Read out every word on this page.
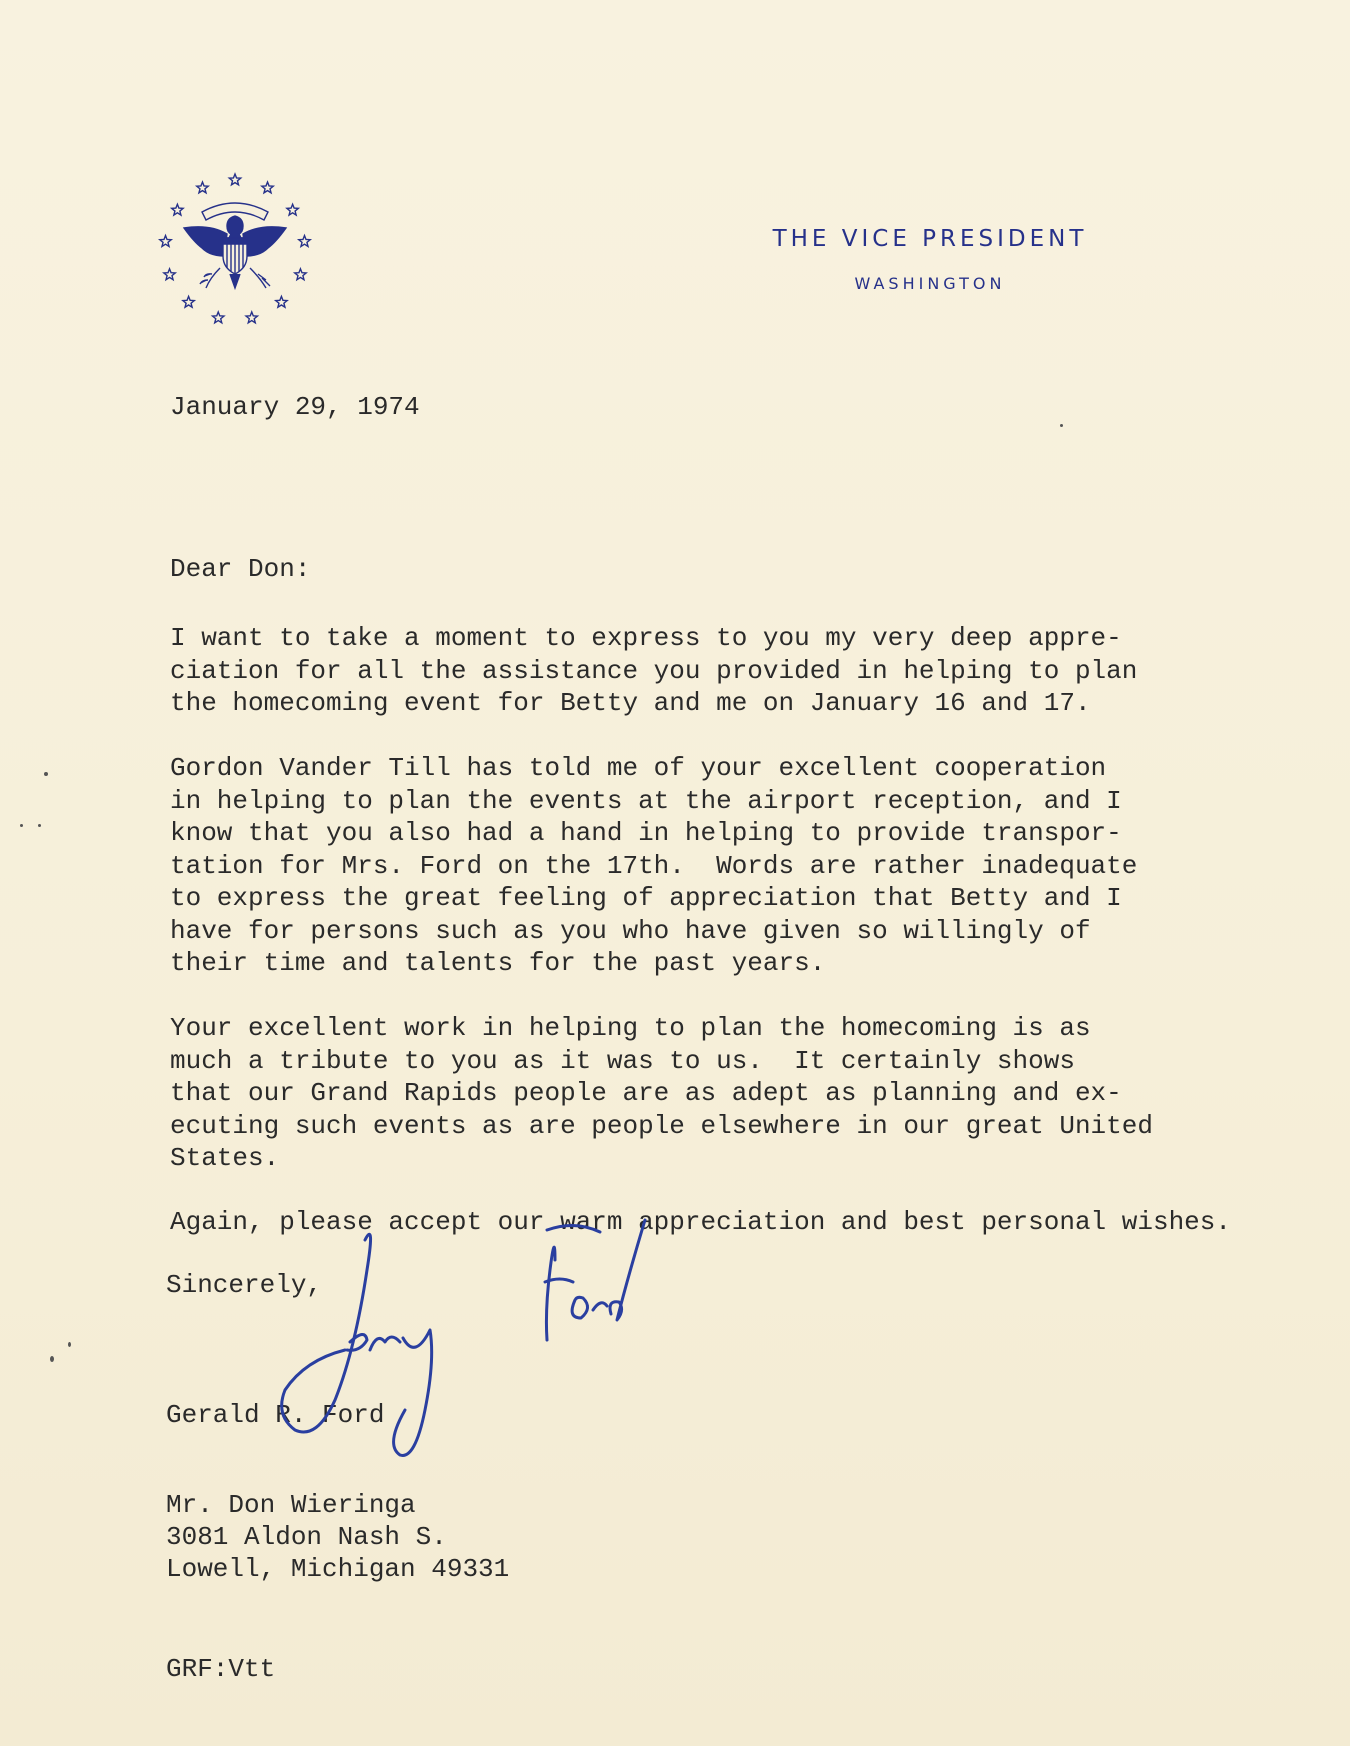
THE VICE PRESIDENT
WASHINGTON

January 29, 1974

Dear Don:

I want to take a moment to express to you my very deep appre-
ciation for all the assistance you provided in helping to plan
the homecoming event for Betty and me on January 16 and 17.
Gordon Vander Till has told me of your excellent cooperation
in helping to plan the events at the airport reception, and I
know that you also had a hand in helping to provide transpor-
tation for Mrs. Ford on the 17th.  Words are rather inadequate
to express the great feeling of appreciation that Betty and I
have for persons such as you who have given so willingly of
their time and talents for the past years.
Your excellent work in helping to plan the homecoming is as
much a tribute to you as it was to us.  It certainly shows
that our Grand Rapids people are as adept as planning and ex-
ecuting such events as are people elsewhere in our great United
States.
Again, please accept our warm appreciation and best personal wishes.

Sincerely,

Gerald R. Ford

Mr. Don Wieringa

3081 Aldon Nash S.

Lowell, Michigan 49331

GRF:Vtt
